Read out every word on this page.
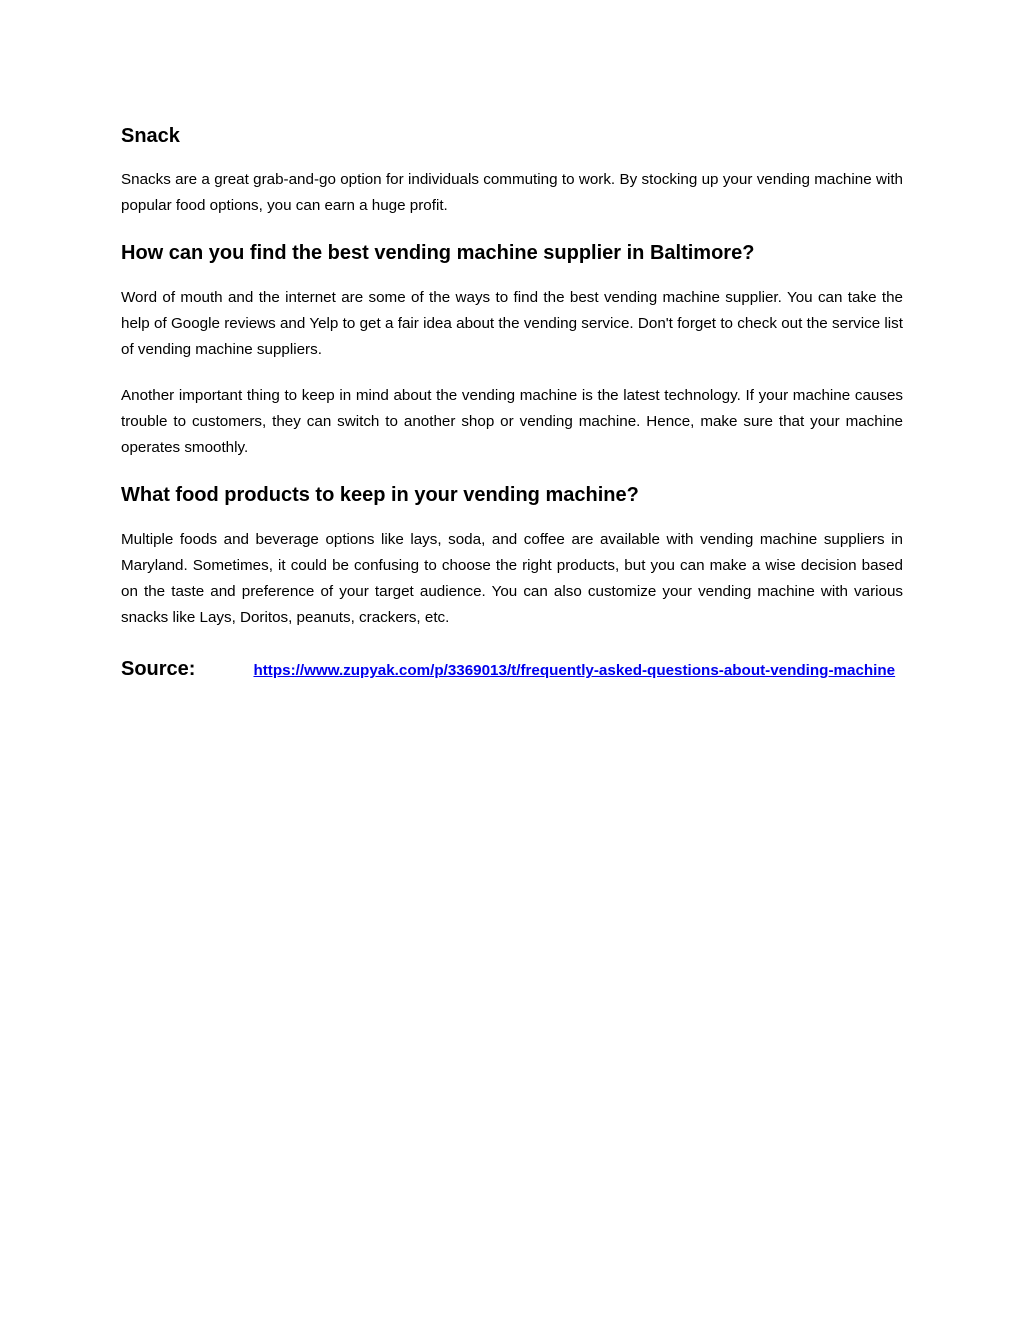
Snack

Snacks are a great grab-and-go option for individuals commuting to work. By stocking up your vending machine with popular food options, you can earn a huge profit.

How can you find the best vending machine supplier in Baltimore?

Word of mouth and the internet are some of the ways to find the best vending machine supplier. You can take the help of Google reviews and Yelp to get a fair idea about the vending service. Don't forget to check out the service list of vending machine suppliers.

Another important thing to keep in mind about the vending machine is the latest technology. If your machine causes trouble to customers, they can switch to another shop or vending machine. Hence, make sure that your machine operates smoothly.

What food products to keep in your vending machine?

Multiple foods and beverage options like lays, soda, and coffee are available with vending machine suppliers in Maryland. Sometimes, it could be confusing to choose the right products, but you can make a wise decision based on the taste and preference of your target audience. You can also customize your vending machine with various snacks like Lays, Doritos, peanuts, crackers, etc.

Source:	https://www.zupyak.com/p/3369013/t/frequently-asked-questions-about-vending-machine
